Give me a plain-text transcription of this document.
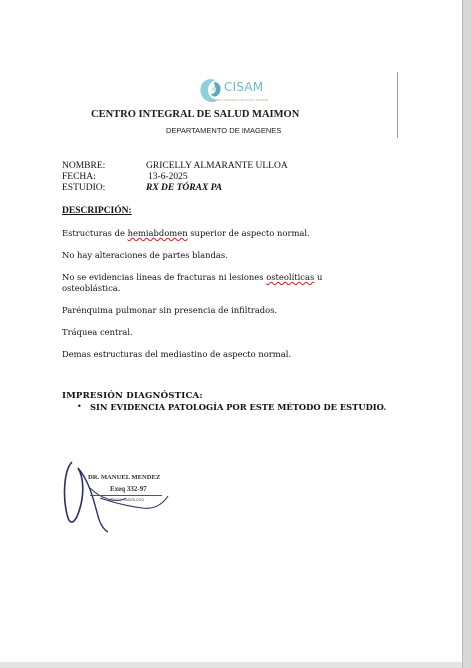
CISAM
CENTRO INTEGRAL DE SALUD MAIMON
CENTRO INTEGRAL DE SALUD MAIMON
DEPARTAMENTO DE IMAGENES
NOMBRE:	GRICELLY ALMARANTE ULLOA
FECHA:	13-6-2025
ESTUDIO:	RX DE TÓRAX PA
DESCRIPCIÓN:
Estructuras de hemiabdomen superior de aspecto normal.
No hay alteraciones de partes blandas.
No se evidencias líneas de fracturas ni lesiones osteolíticas u osteoblástica.
Parénquima pulmonar sin presencia de infiltrados.
Tráquea central.
Demas estructuras del mediastino de aspecto normal.
IMPRESIÓN DIAGNÓSTICA:
• SIN EVIDENCIA PATOLOGÍA POR ESTE MÉTODO DE ESTUDIO.
DR. MANUEL MENDEZ
Exeq 332-97
MÉDICO RADIÓLOGO
